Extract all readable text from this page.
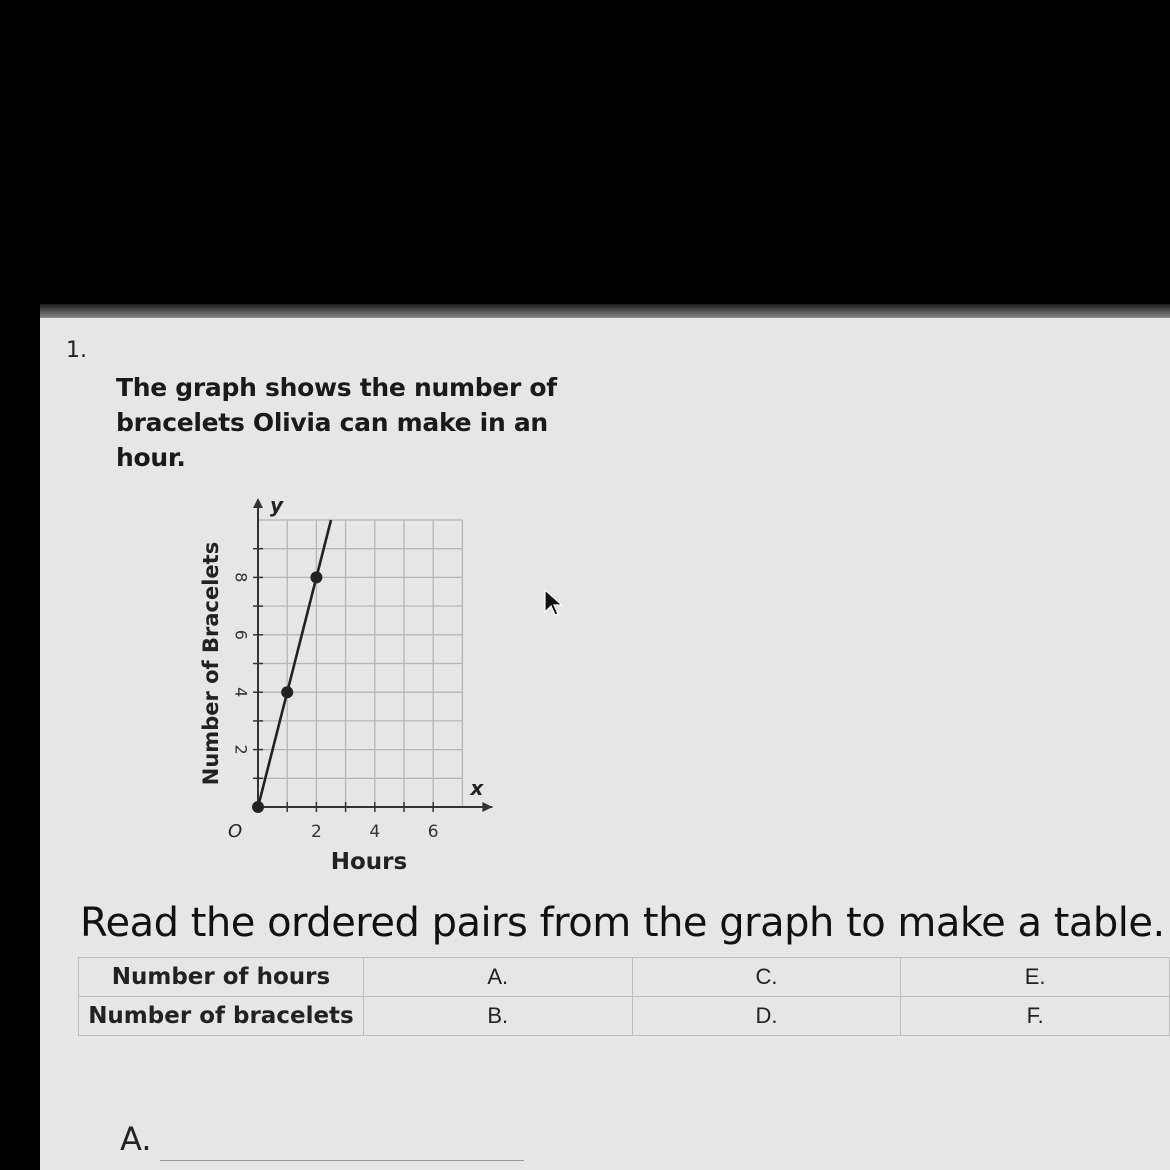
1.
The graph shows the number of bracelets Olivia can make in an hour.
x
y
O	2	4	6
2
4
6
8
Hours
Number of Bracelets
Read the ordered pairs from the graph to make a table.
Number of hours	A.	C.	E.
Number of bracelets	B.	D.	F.
A.
